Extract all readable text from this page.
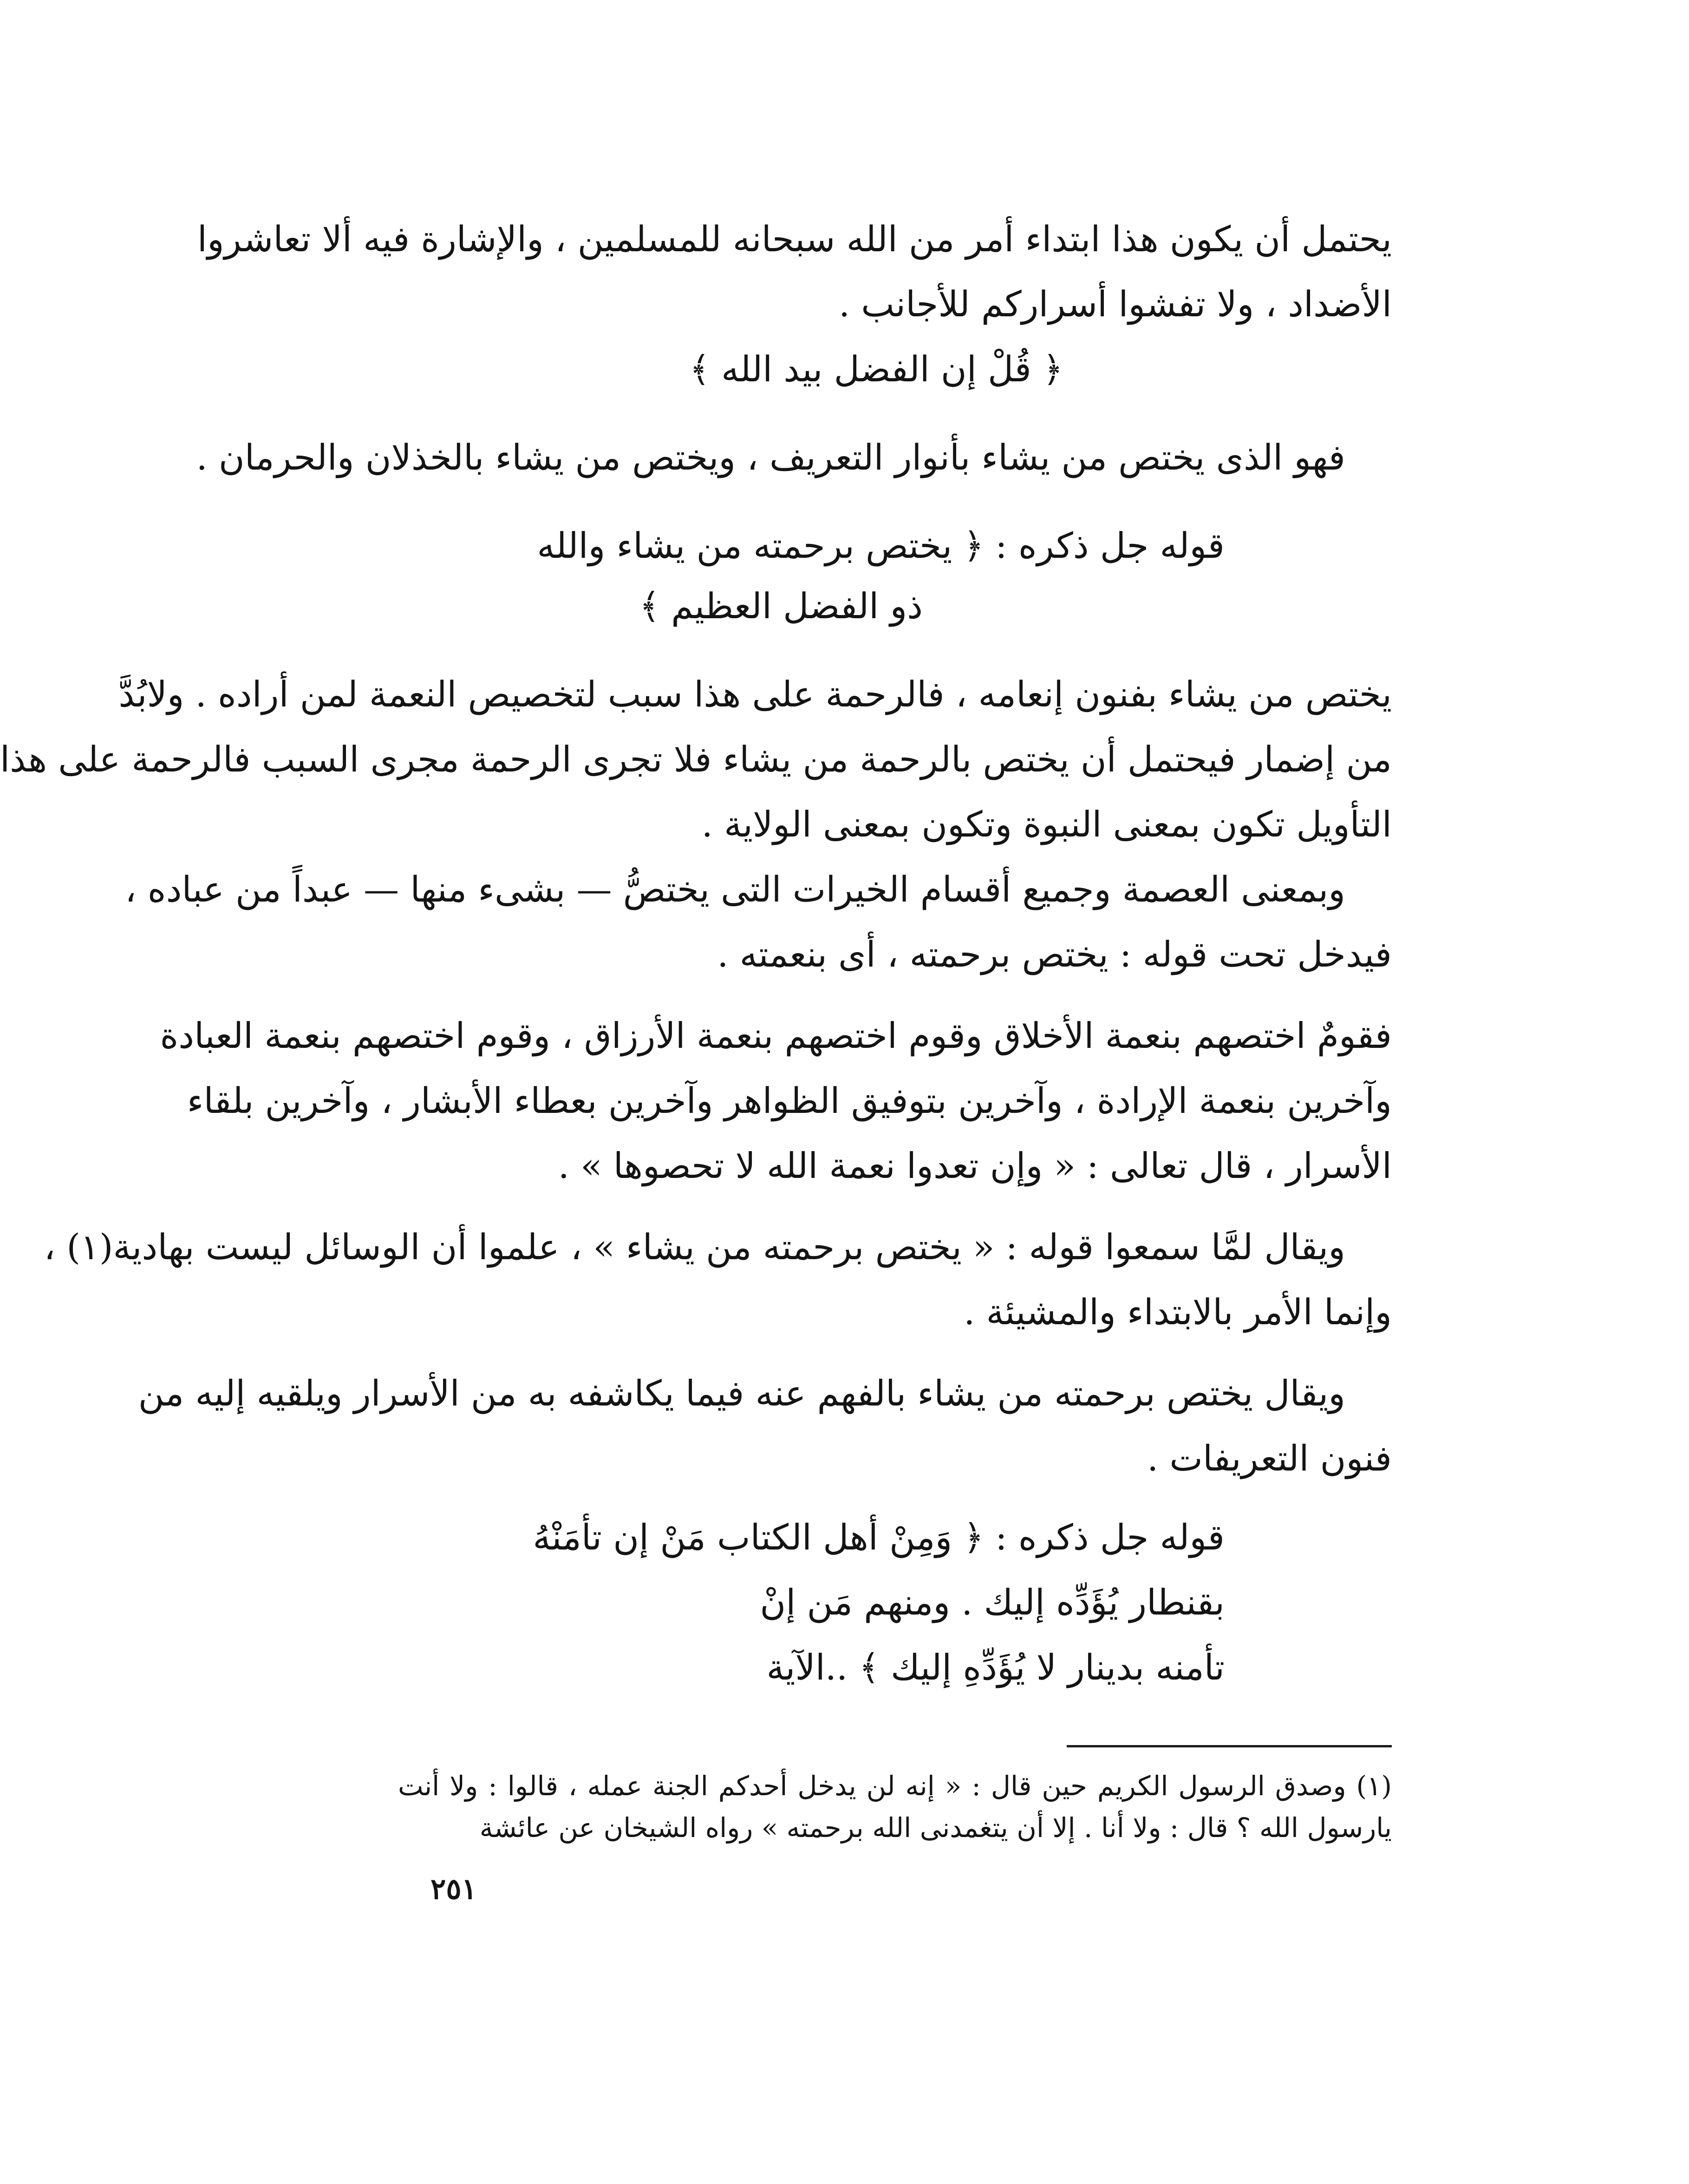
يحتمل أن يكون هذا ابتداء أمر من الله سبحانه للمسلمين ، والإشارة فيه ألا تعاشروا
الأضداد ، ولا تفشوا أسراركم للأجانب .
﴿ قُلْ إن الفضل بيد الله ﴾
فهو الذى يختص من يشاء بأنوار التعريف ، ويختص من يشاء بالخذلان والحرمان .
قوله جل ذكره : ﴿ يختص برحمته من يشاء والله
ذو الفضل العظيم ﴾
يختص من يشاء بفنون إنعامه ، فالرحمة على هذا سبب لتخصيص النعمة لمن أراده . ولابُدَّ
من إضمار فيحتمل أن يختص بالرحمة من يشاء فلا تجرى الرحمة مجرى السبب فالرحمة على هذا
التأويل تكون بمعنى النبوة وتكون بمعنى الولاية .
وبمعنى العصمة وجميع أقسام الخيرات التى يختصُّ — بشىء منها — عبداً من عباده ،
فيدخل تحت قوله : يختص برحمته ، أى بنعمته .
فقومٌ اختصهم بنعمة الأخلاق وقوم اختصهم بنعمة الأرزاق ، وقوم اختصهم بنعمة العبادة
وآخرين بنعمة الإرادة ، وآخرين بتوفيق الظواهر وآخرين بعطاء الأبشار ، وآخرين بلقاء
الأسرار ، قال تعالى : « وإن تعدوا نعمة الله لا تحصوها » .
ويقال لمَّا سمعوا قوله : « يختص برحمته من يشاء » ، علموا أن الوسائل ليست بهادية(١) ،
وإنما الأمر بالابتداء والمشيئة .
ويقال يختص برحمته من يشاء بالفهم عنه فيما يكاشفه به من الأسرار ويلقيه إليه من
فنون التعريفات .
قوله جل ذكره : ﴿ وَمِنْ أهل الكتاب مَنْ إن تأمَنْهُ
بقنطار يُؤَدِّه إليك . ومنهم مَن إنْ
تأمنه بدينار لا يُؤَدِّهِ إليك ﴾ ..الآية
(١) وصدق الرسول الكريم حين قال : « إنه لن يدخل أحدكم الجنة عمله ، قالوا : ولا أنت
يارسول الله ؟ قال : ولا أنا . إلا أن يتغمدنى الله برحمته » رواه الشيخان عن عائشة
٢٥١
